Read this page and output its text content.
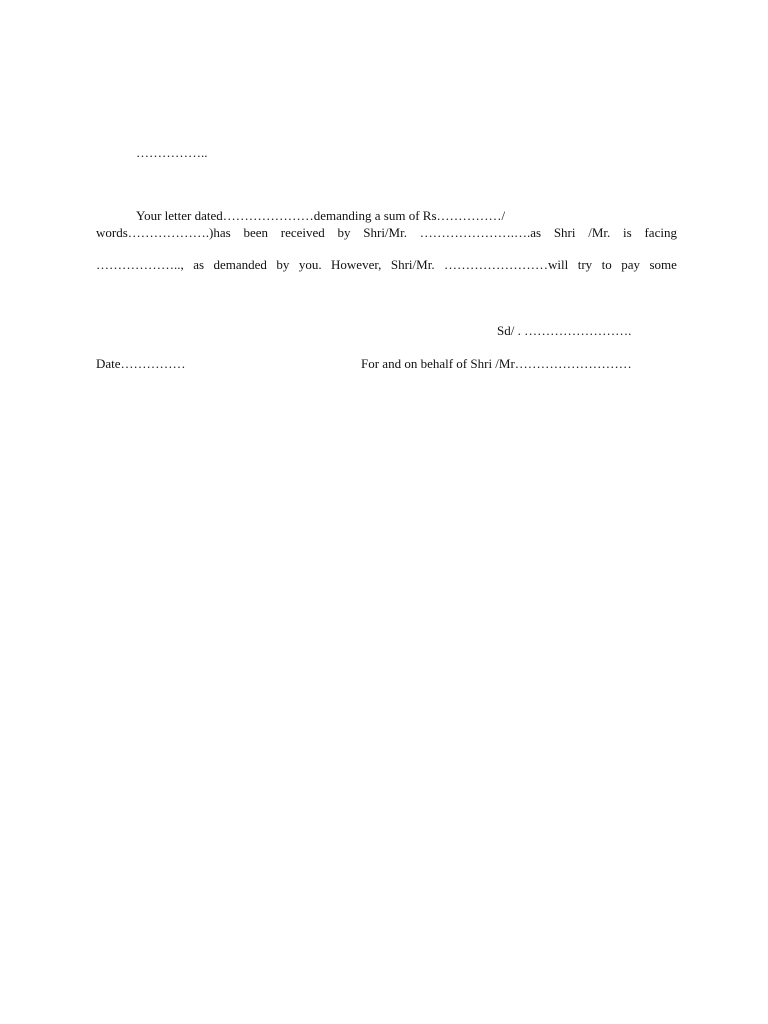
……………..
Your letter dated…………………demanding a sum of Rs……………/
words……………….)has been received by Shri/Mr. ………………….….as Shri /Mr. is facing
……………….., as demanded by you. However, Shri/Mr. ……………………will try to pay some
Sd/ . …………………….
Date……………	For and on behalf of Shri /Mr………………………
